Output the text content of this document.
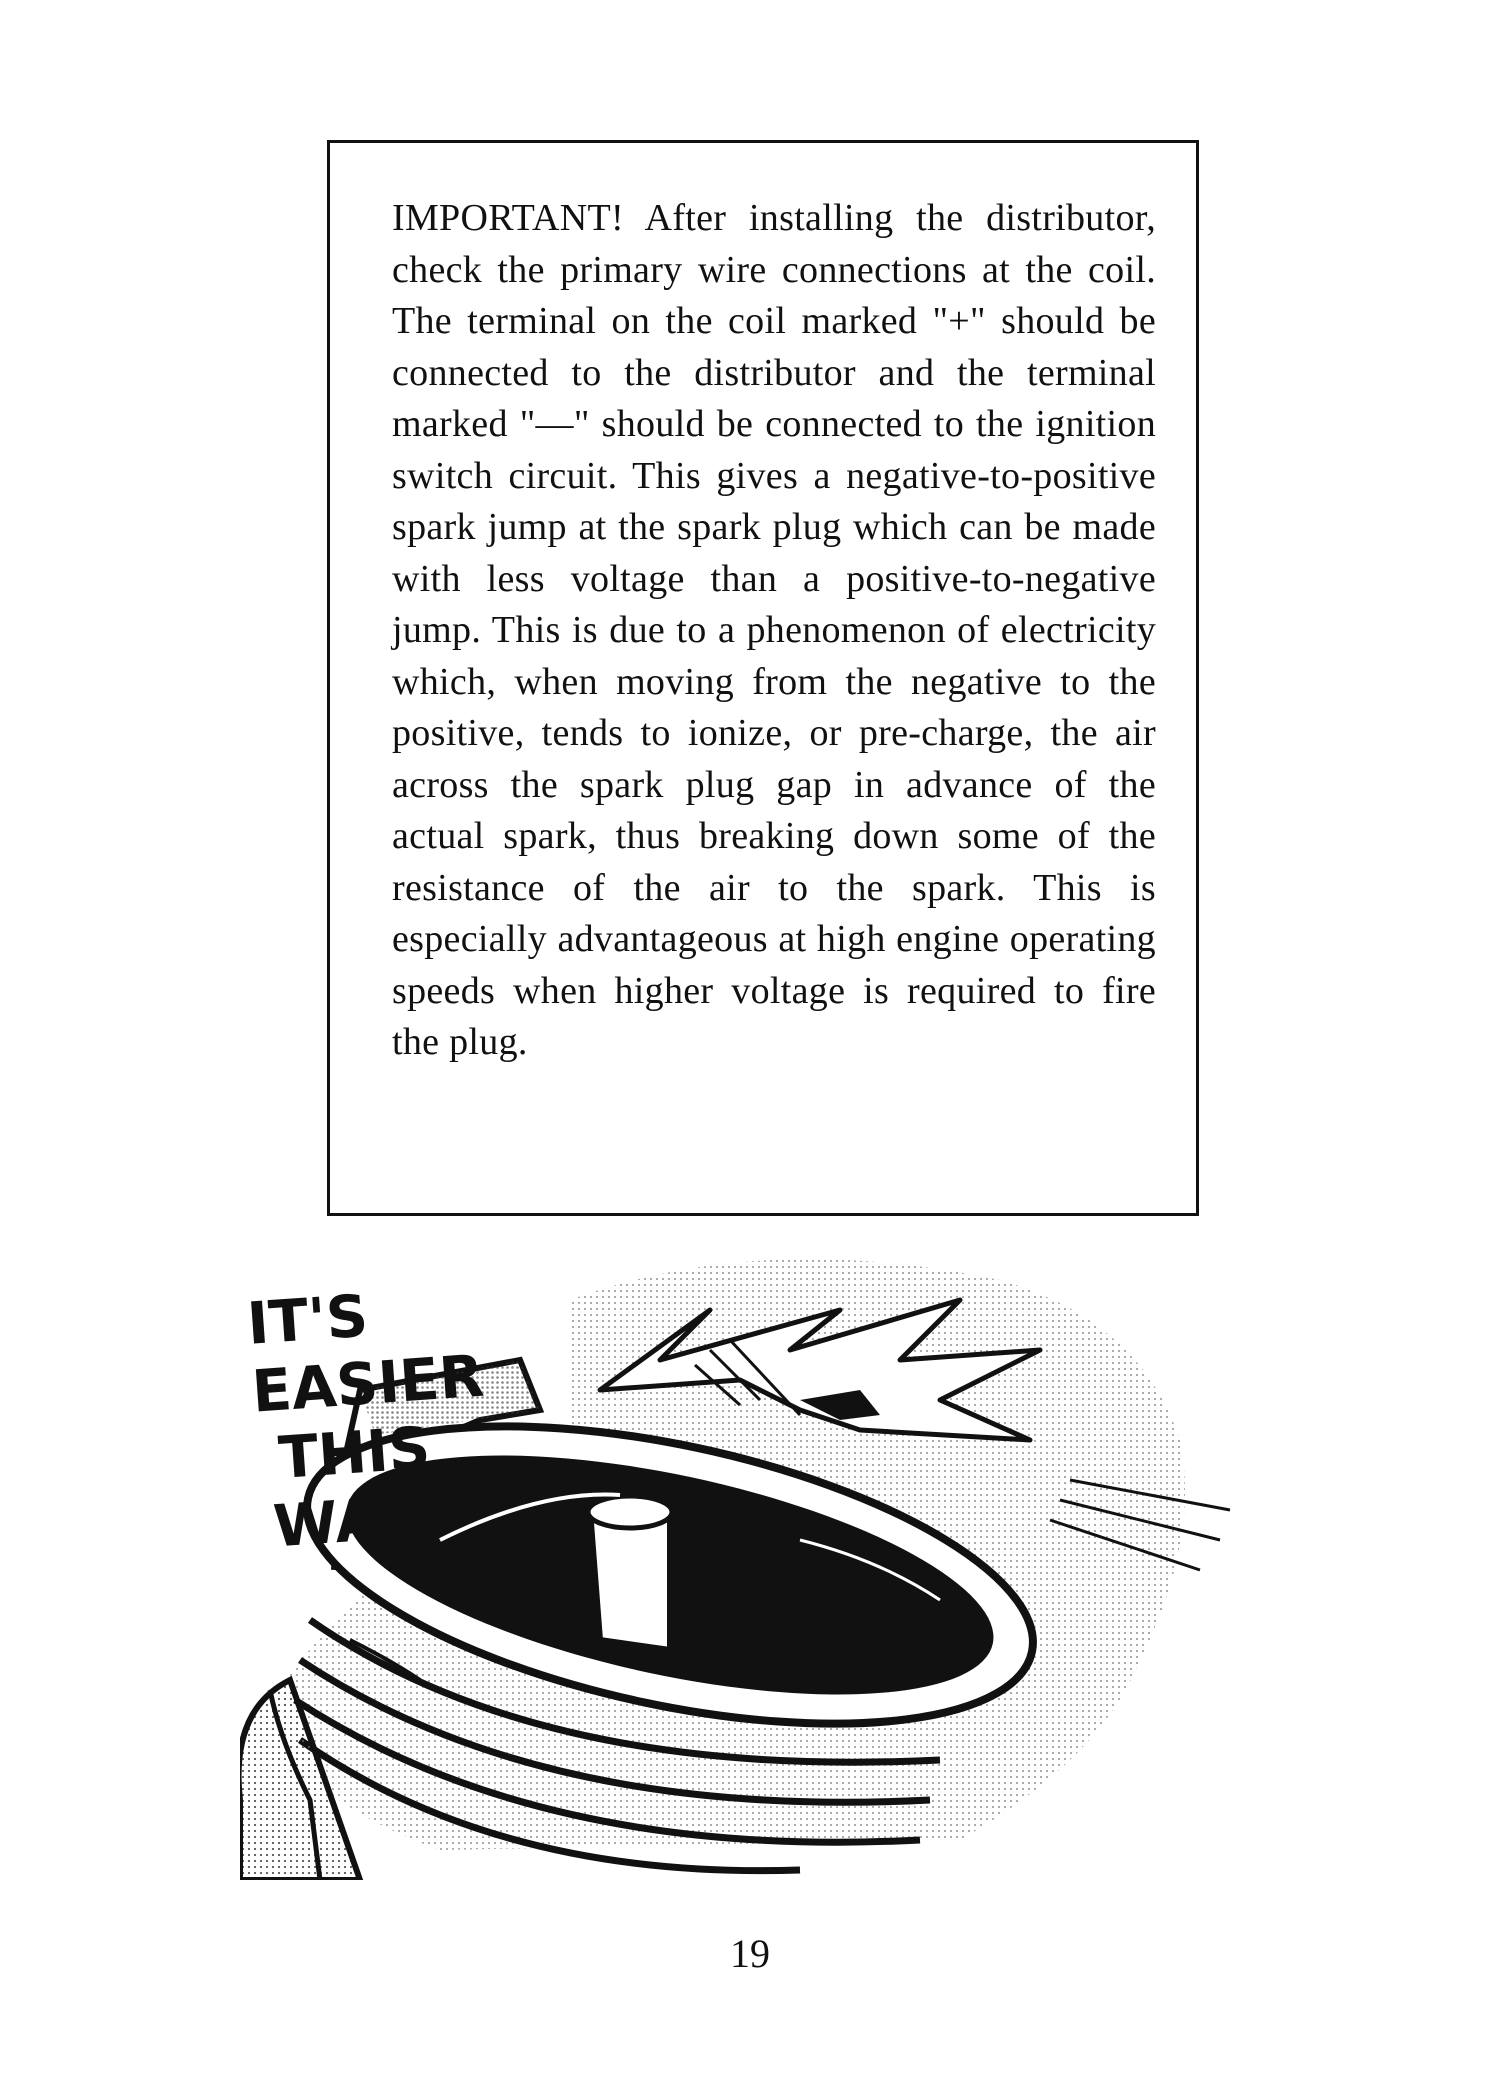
IMPORTANT! After installing the distributor, check the primary wire connections at the coil. The terminal on the coil marked "+" should be connected to the distributor and the terminal marked "—" should be connected to the ignition switch circuit. This gives a negative-to-positive spark jump at the spark plug which can be made with less voltage than a positive-to-negative jump. This is due to a phenomenon of electricity which, when moving from the negative to the positive, tends to ionize, or pre-charge, the air across the spark plug gap in advance of the actual spark, thus breaking down some of the resistance of the air to the spark. This is especially advantageous at high engine operating speeds when higher voltage is required to fire the plug.

IT'S EASIER
THIS
WAY!
19
